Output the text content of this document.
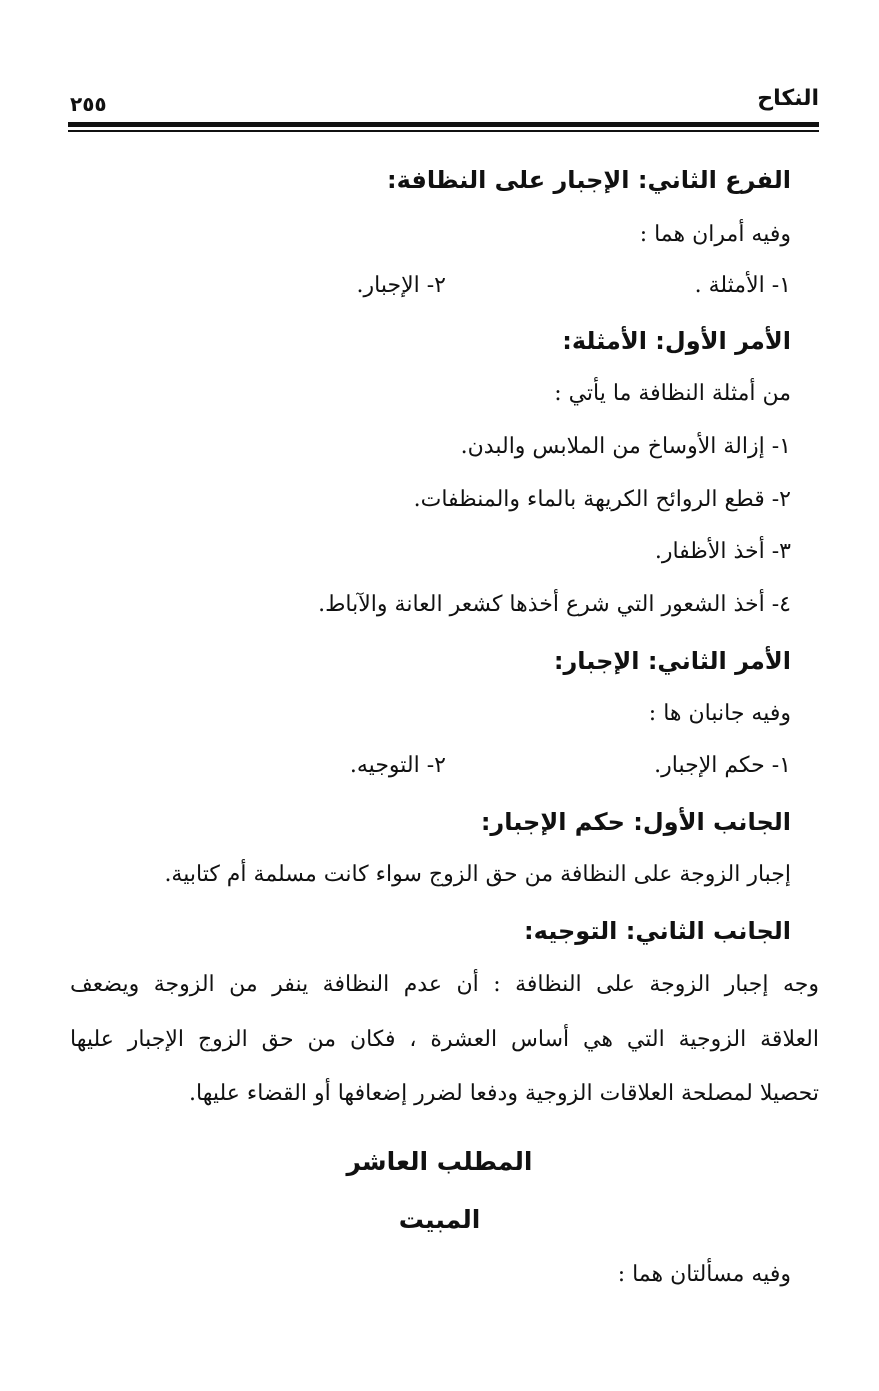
النكاح
٢٥٥
الفرع الثاني: الإجبار على النظافة:
وفيه أمران هما :
١- الأمثلة .
٢- الإجبار.
الأمر الأول: الأمثلة:
من أمثلة النظافة ما يأتي :
١- إزالة الأوساخ من الملابس والبدن.
٢- قطع الروائح الكريهة بالماء والمنظفات.
٣- أخذ الأظفار.
٤- أخذ الشعور التي شرع أخذها كشعر العانة والآباط.
الأمر الثاني: الإجبار:
وفيه جانبان ها :
١- حكم الإجبار.
٢- التوجيه.
الجانب الأول: حكم الإجبار:
إجبار الزوجة على النظافة من حق الزوج سواء كانت مسلمة أم كتابية.
الجانب الثاني: التوجيه:
وجه إجبار الزوجة على النظافة : أن عدم النظافة ينفر من الزوجة ويضعف
العلاقة الزوجية التي هي أساس العشرة ، فكان من حق الزوج الإجبار عليها
تحصيلا لمصلحة العلاقات الزوجية ودفعا لضرر إضعافها أو القضاء عليها.
المطلب العاشر
المبيت
وفيه مسألتان هما :
